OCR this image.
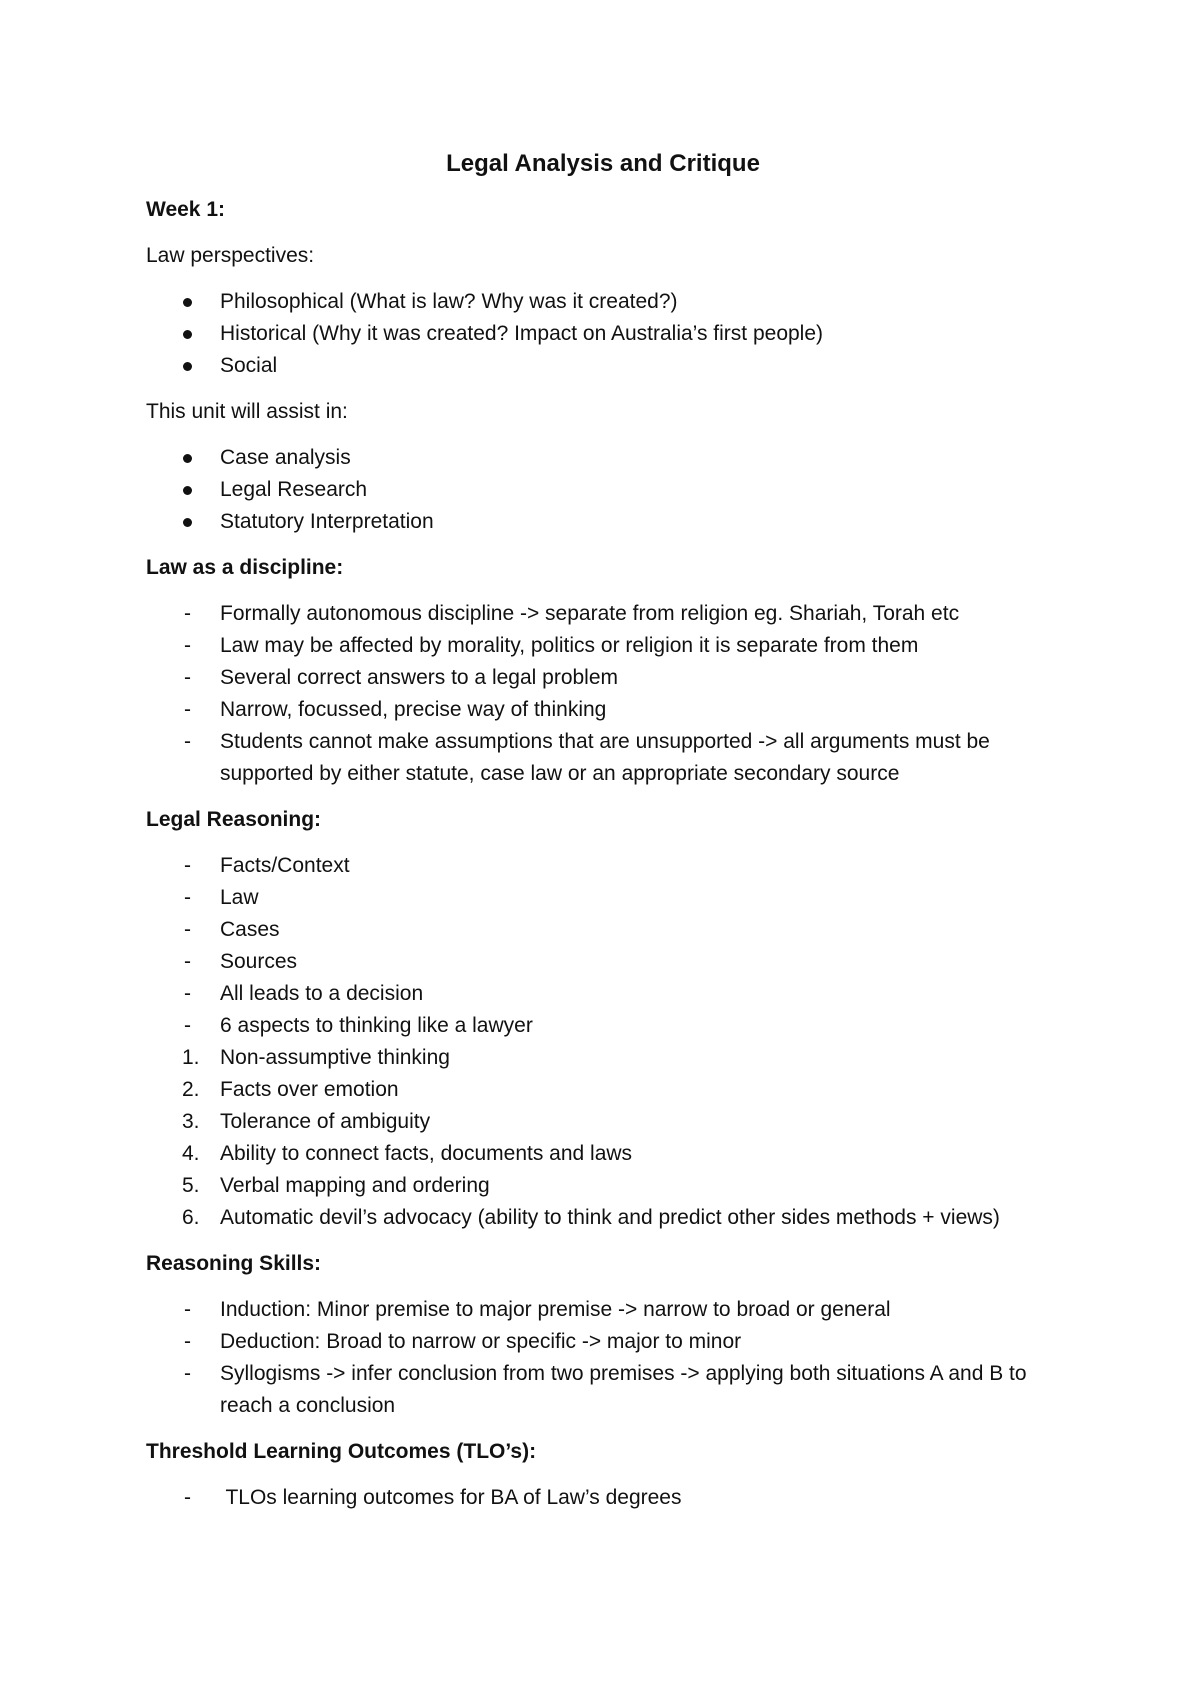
Legal Analysis and Critique
Week 1:
Law perspectives:
Philosophical (What is law? Why was it created?)
Historical (Why it was created? Impact on Australia’s first people)
Social
This unit will assist in:
Case analysis
Legal Research
Statutory Interpretation
Law as a discipline:
-	Formally autonomous discipline -> separate from religion eg. Shariah, Torah etc
-	Law may be affected by morality, politics or religion it is separate from them
-	Several correct answers to a legal problem
-	Narrow, focussed, precise way of thinking
-	Students cannot make assumptions that are unsupported -> all arguments must be supported by either statute, case law or an appropriate secondary source
Legal Reasoning:
-	Facts/Context
-	Law
-	Cases
-	Sources
-	All leads to a decision
-	6 aspects to thinking like a lawyer
1. Non-assumptive thinking
2. Facts over emotion
3. Tolerance of ambiguity
4. Ability to connect facts, documents and laws
5. Verbal mapping and ordering
6. Automatic devil’s advocacy (ability to think and predict other sides methods + views)
Reasoning Skills:
-	Induction: Minor premise to major premise -> narrow to broad or general
-	Deduction: Broad to narrow or specific -> major to minor
-	Syllogisms -> infer conclusion from two premises -> applying both situations A and B to reach a conclusion
Threshold Learning Outcomes (TLO’s):
-	TLOs learning outcomes for BA of Law’s degrees
